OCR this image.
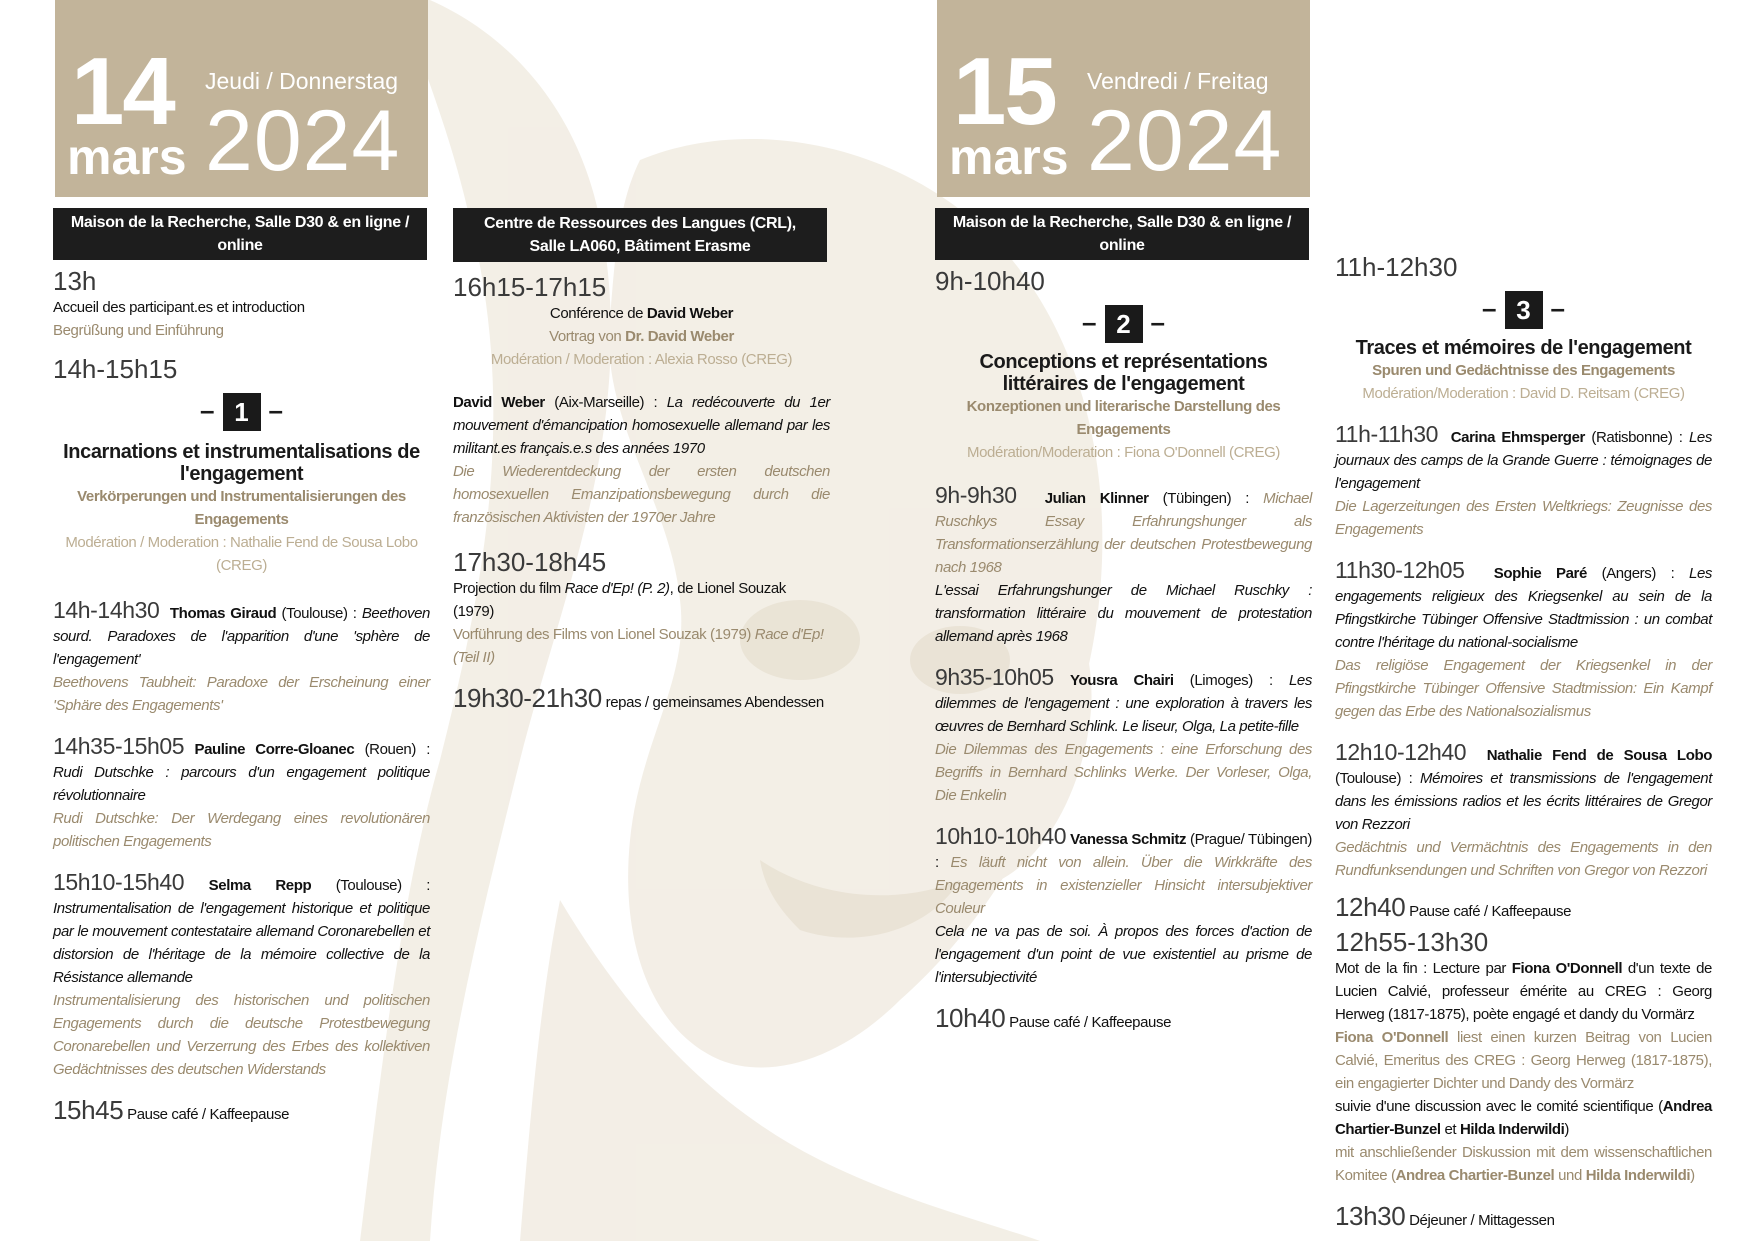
14 Jeudi / Donnerstag
mars 2024	15 Vendredi / Freitag
mars 2024
Maison de la Recherche, Salle D30 & en ligne / online
13h

Accueil des participant.es et introduction

Begrüßung und Einführung

14h-15h15
– 1 –

Incarnations et instrumentalisations de l'engagement

Verkörperungen und Instrumentalisierungen des Engagements

Modération / Moderation : Nathalie Fend de Sousa Lobo (CREG)

14h-14h30 Thomas Giraud (Toulouse) : Beethoven sourd. Paradoxes de l'apparition d'une 'sphère de l'engagement'

Beethovens Taubheit: Paradoxe der Erscheinung einer 'Sphäre des Engagements'

14h35-15h05 Pauline Corre-Gloanec (Rouen) : Rudi Dutschke : parcours d'un engagement politique révolutionnaire

Rudi Dutschke: Der Werdegang eines revolutionären politischen Engagements

15h10-15h40 Selma Repp (Toulouse) : Instrumentalisation de l'engagement historique et politique par le mouvement contestataire allemand Coronarebellen et distorsion de l'héritage de la mémoire collective de la Résistance allemande

Instrumentalisierung des historischen und politischen Engagements durch die deutsche Protestbewegung Coronarebellen und Verzerrung des Erbes des kollektiven Gedächtnisses des deutschen Widerstands

15h45 Pause café / Kaffeepause

Centre de Ressources des Langues (CRL), Salle LA060, Bâtiment Erasme
16h15-17h15

Conférence de David Weber

Vortrag von Dr. David Weber

Modération / Moderation : Alexia Rosso (CREG)

David Weber (Aix-Marseille) : La redécouverte du 1er mouvement d'émancipation homosexuelle allemand par les militant.es français.e.s des années 1970

Die Wiederentdeckung der ersten deutschen homosexuellen Emanzipationsbewegung durch die französischen Aktivisten der 1970er Jahre

17h30-18h45

Projection du film Race d'Ep! (P. 2), de Lionel Souzak (1979)

Vorführung des Films von Lionel Souzak (1979) Race d'Ep! (Teil II)

19h30-21h30 repas / gemeinsames Abendessen

Maison de la Recherche, Salle D30 & en ligne / online
9h-10h40
– 2 –

Conceptions et représentations littéraires de l'engagement

Konzeptionen und literarische Darstellung des Engagements

Modération/Moderation : Fiona O'Donnell (CREG)

9h-9h30 Julian Klinner (Tübingen) : Michael Ruschkys Essay Erfahrungshunger als Transformationserzählung der deutschen Protestbewegung nach 1968

L'essai Erfahrungshunger de Michael Ruschky : transformation littéraire du mouvement de protestation allemand après 1968

9h35-10h05 Yousra Chairi (Limoges) : Les dilemmes de l'engagement : une exploration à travers les œuvres de Bernhard Schlink. Le liseur, Olga, La petite-fille

Die Dilemmas des Engagements : eine Erforschung des Begriffs in Bernhard Schlinks Werke. Der Vorleser, Olga, Die Enkelin

10h10-10h40 Vanessa Schmitz (Prague/ Tübingen) : Es läuft nicht von allein. Über die Wirkkräfte des Engagements in existenzieller Hinsicht intersubjektiver Couleur

Cela ne va pas de soi. À propos des forces d'action de l'engagement d'un point de vue existentiel au prisme de l'intersubjectivité

10h40 Pause café / Kaffeepause

11h-12h30
– 3 –

Traces et mémoires de l'engagement

Spuren und Gedächtnisse des Engagements

Modération/Moderation : David D. Reitsam (CREG)

11h-11h30 Carina Ehmsperger (Ratisbonne) : Les journaux des camps de la Grande Guerre : témoignages de l'engagement

Die Lagerzeitungen des Ersten Weltkriegs: Zeugnisse des Engagements

11h30-12h05 Sophie Paré (Angers) : Les engagements religieux des Kriegsenkel au sein de la Pfingstkirche Tübinger Offensive Stadtmission : un combat contre l'héritage du national-socialisme

Das religiöse Engagement der Kriegsenkel in der Pfingstkirche Tübinger Offensive Stadtmission: Ein Kampf gegen das Erbe des Nationalsozialismus

12h10-12h40 Nathalie Fend de Sousa Lobo (Toulouse) : Mémoires et transmissions de l'engagement dans les émissions radios et les écrits littéraires de Gregor von Rezzori

Gedächtnis und Vermächtnis des Engagements in den Rundfunksendungen und Schriften von Gregor von Rezzori

12h40 Pause café / Kaffeepause

12h55-13h30

Mot de la fin : Lecture par Fiona O'Donnell d'un texte de Lucien Calvié, professeur émérite au CREG : Georg Herweg (1817-1875), poète engagé et dandy du Vormärz

Fiona O'Donnell liest einen kurzen Beitrag von Lucien Calvié, Emeritus des CREG : Georg Herweg (1817-1875), ein engagierter Dichter und Dandy des Vormärz

suivie d'une discussion avec le comité scientifique (Andrea Chartier-Bunzel et Hilda Inderwildi)

mit anschließender Diskussion mit dem wissenschaftlichen Komitee (Andrea Chartier-Bunzel und Hilda Inderwildi)

13h30 Déjeuner / Mittagessen
